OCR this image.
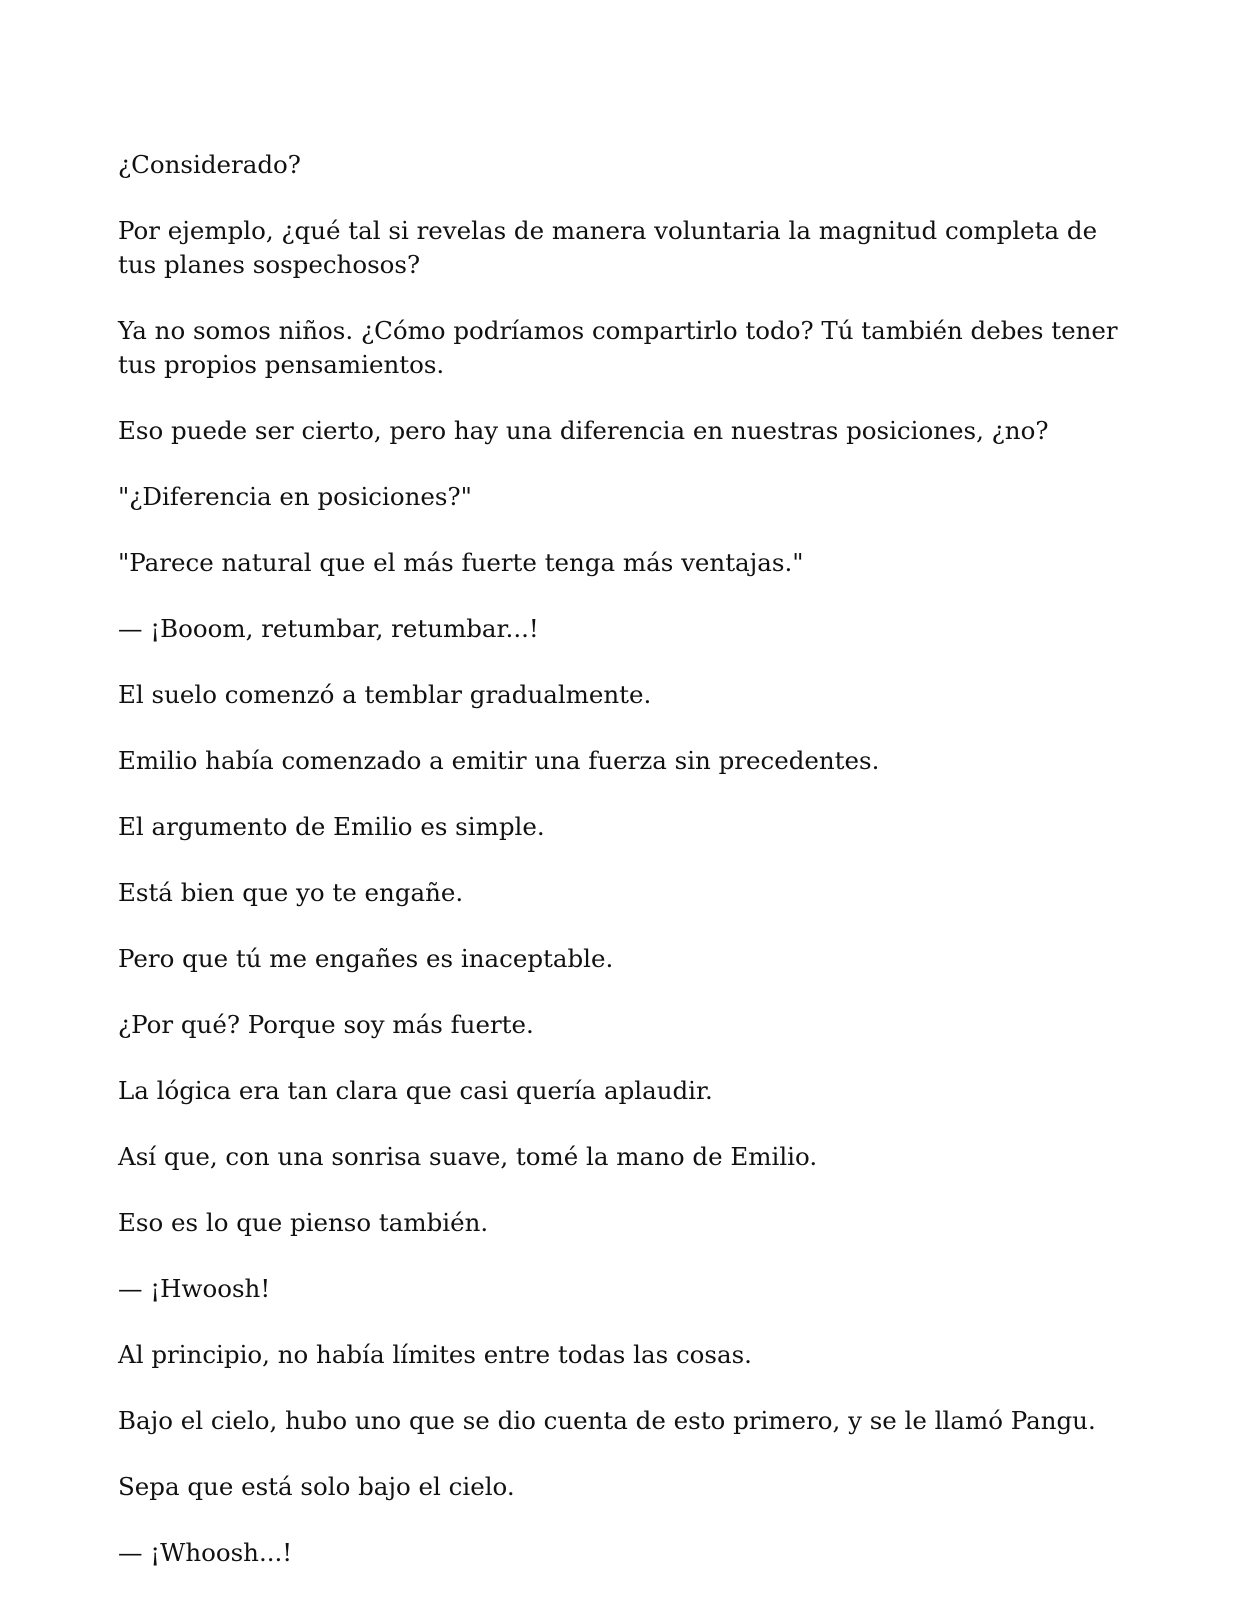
¿Considerado?

Por ejemplo, ¿qué tal si revelas de manera voluntaria la magnitud completa de tus planes sospechosos?

Ya no somos niños. ¿Cómo podríamos compartirlo todo? Tú también debes tener tus propios pensamientos.

Eso puede ser cierto, pero hay una diferencia en nuestras posiciones, ¿no?

"¿Diferencia en posiciones?"

"Parece natural que el más fuerte tenga más ventajas."

— ¡Booom, retumbar, retumbar...!

El suelo comenzó a temblar gradualmente.

Emilio había comenzado a emitir una fuerza sin precedentes.

El argumento de Emilio es simple.

Está bien que yo te engañe.

Pero que tú me engañes es inaceptable.

¿Por qué? Porque soy más fuerte.

La lógica era tan clara que casi quería aplaudir.

Así que, con una sonrisa suave, tomé la mano de Emilio.

Eso es lo que pienso también.

— ¡Hwoosh!

Al principio, no había límites entre todas las cosas.

Bajo el cielo, hubo uno que se dio cuenta de esto primero, y se le llamó Pangu.

Sepa que está solo bajo el cielo.

— ¡Whoosh...!
